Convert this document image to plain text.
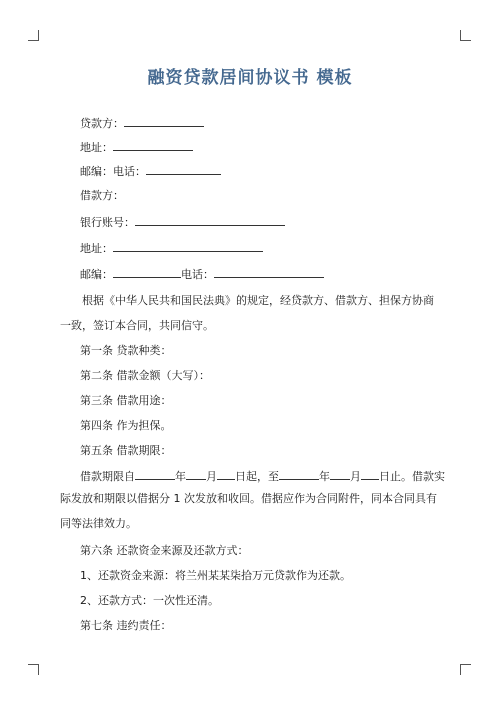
融资贷款居间协议书 模板
贷款方：
地址：
邮编：电话：
借款方：
银行账号：
地址：
邮编：	电话：

根据《中华人民共和国民法典》的规定，经贷款方、借款方、担保方协商一致，签订本合同，共同信守。

第一条 贷款种类：
第二条 借款金额（大写）：
第三条 借款用途：
第四条 作为担保。
第五条 借款期限：
借款期限自	年 月 日起，至	年 月 日止。借款实

际发放和期限以借据分 1 次发放和收回。借据应作为合同附件，同本合同具有同等法律效力。

第六条 还款资金来源及还款方式：
1、还款资金来源：将兰州某某柒拾万元贷款作为还款。
2、还款方式：一次性还清。
第七条 违约责任：
